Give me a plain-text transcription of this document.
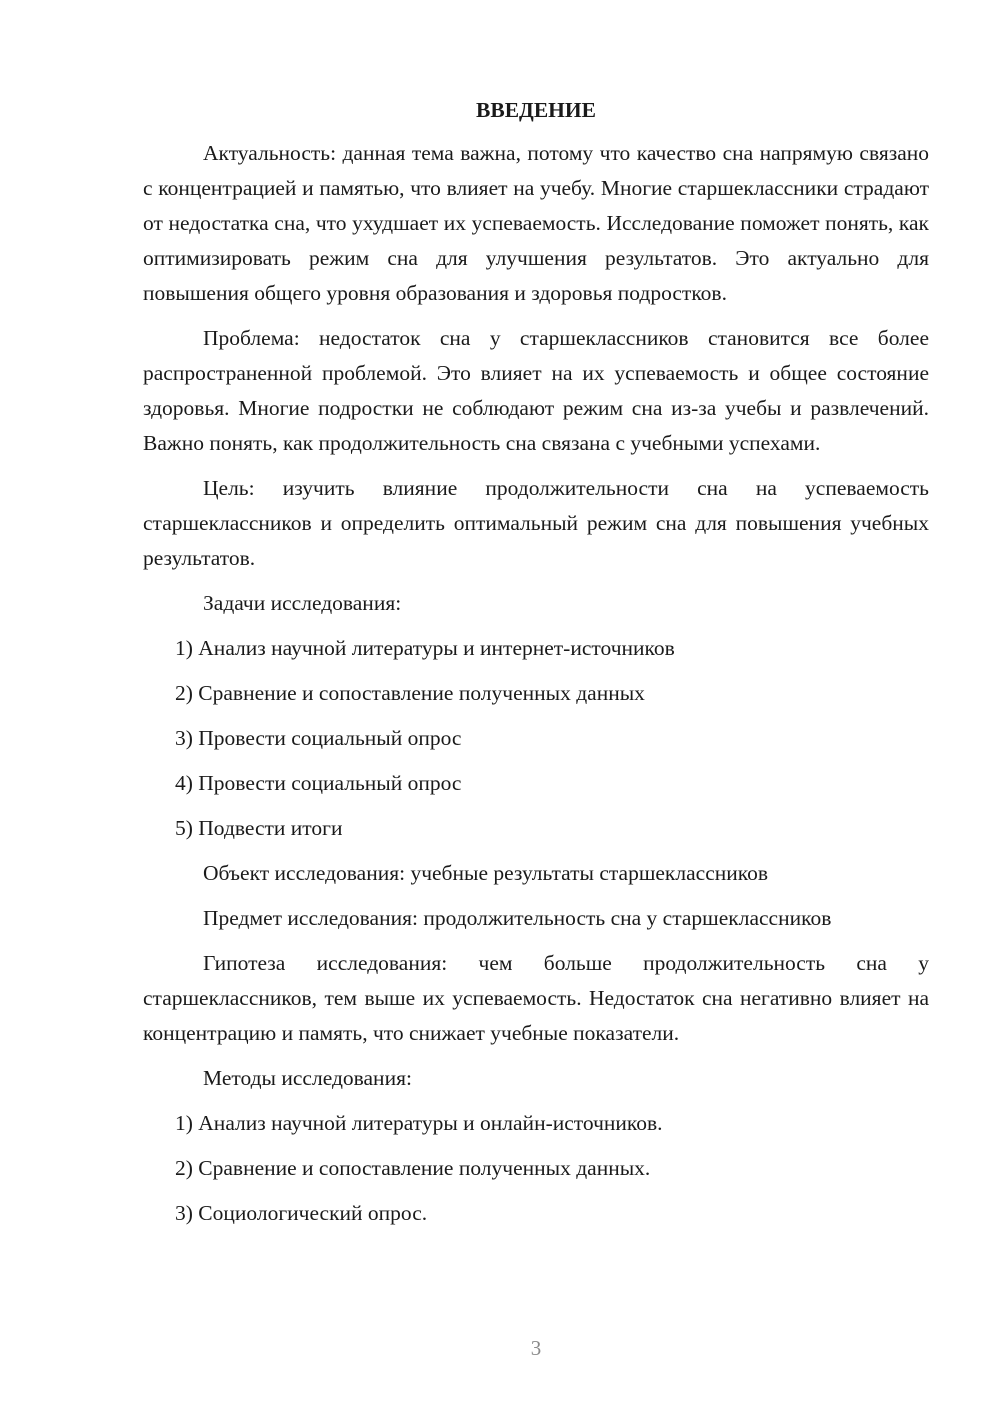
ВВЕДЕНИЕ

Актуальность: данная тема важна, потому что качество сна напрямую связано с концентрацией и памятью, что влияет на учебу. Многие старшеклассники страдают от недостатка сна, что ухудшает их успеваемость. Исследование поможет понять, как оптимизировать режим сна для улучшения результатов. Это актуально для повышения общего уровня образования и здоровья подростков.

Проблема: недостаток сна у старшеклассников становится все более распространенной проблемой. Это влияет на их успеваемость и общее состояние здоровья. Многие подростки не соблюдают режим сна из-за учебы и развлечений. Важно понять, как продолжительность сна связана с учебными успехами.

Цель: изучить влияние продолжительности сна на успеваемость старшеклассников и определить оптимальный режим сна для повышения учебных результатов.

Задачи исследования:
1) Анализ научной литературы и интернет-источников
2) Сравнение и сопоставление полученных данных
3) Провести социальный опрос
4) Провести социальный опрос
5) Подвести итоги
Объект исследования: учебные результаты старшеклассников
Предмет исследования: продолжительность сна у старшеклассников

Гипотеза исследования: чем больше продолжительность сна у старшеклассников, тем выше их успеваемость. Недостаток сна негативно влияет на концентрацию и память, что снижает учебные показатели.

Методы исследования:
1) Анализ научной литературы и онлайн-источников.
2) Сравнение и сопоставление полученных данных.
3) Социологический опрос.
3
